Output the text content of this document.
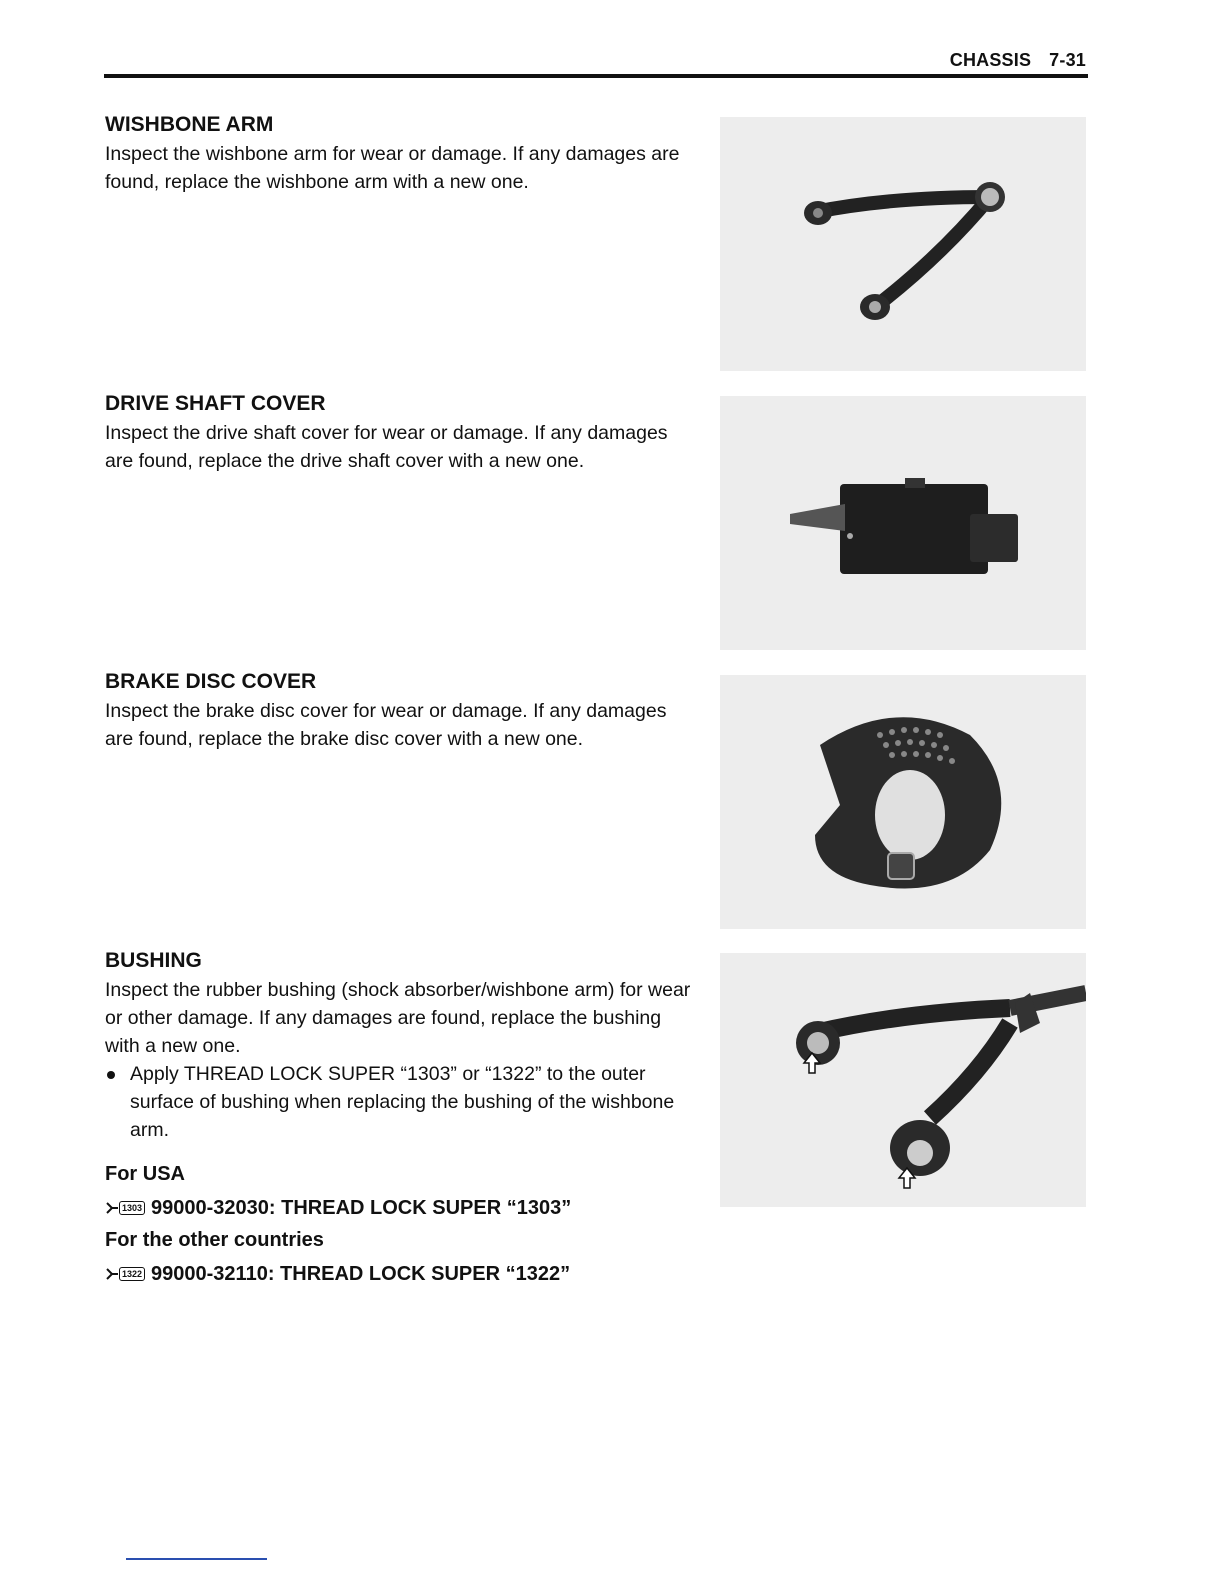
CHASSIS 7-31
WISHBONE ARM

Inspect the wishbone arm for wear or damage. If any damages are found, replace the wishbone arm with a new one.

DRIVE SHAFT COVER

Inspect the drive shaft cover for wear or damage. If any damages are found, replace the drive shaft cover with a new one.

BRAKE DISC COVER

Inspect the brake disc cover for wear or damage. If any damages are found, replace the brake disc cover with a new one.

BUSHING

Inspect the rubber bushing (shock absorber/wishbone arm) for wear or other damage. If any damages are found, replace the bushing with a new one.

Apply THREAD LOCK SUPER “1303” or “1322” to the outer surface of bushing when replacing the bushing of the wishbone arm.
For USA
1303 99000-32030: THREAD LOCK SUPER “1303”
For the other countries
1322 99000-32110: THREAD LOCK SUPER “1322”
